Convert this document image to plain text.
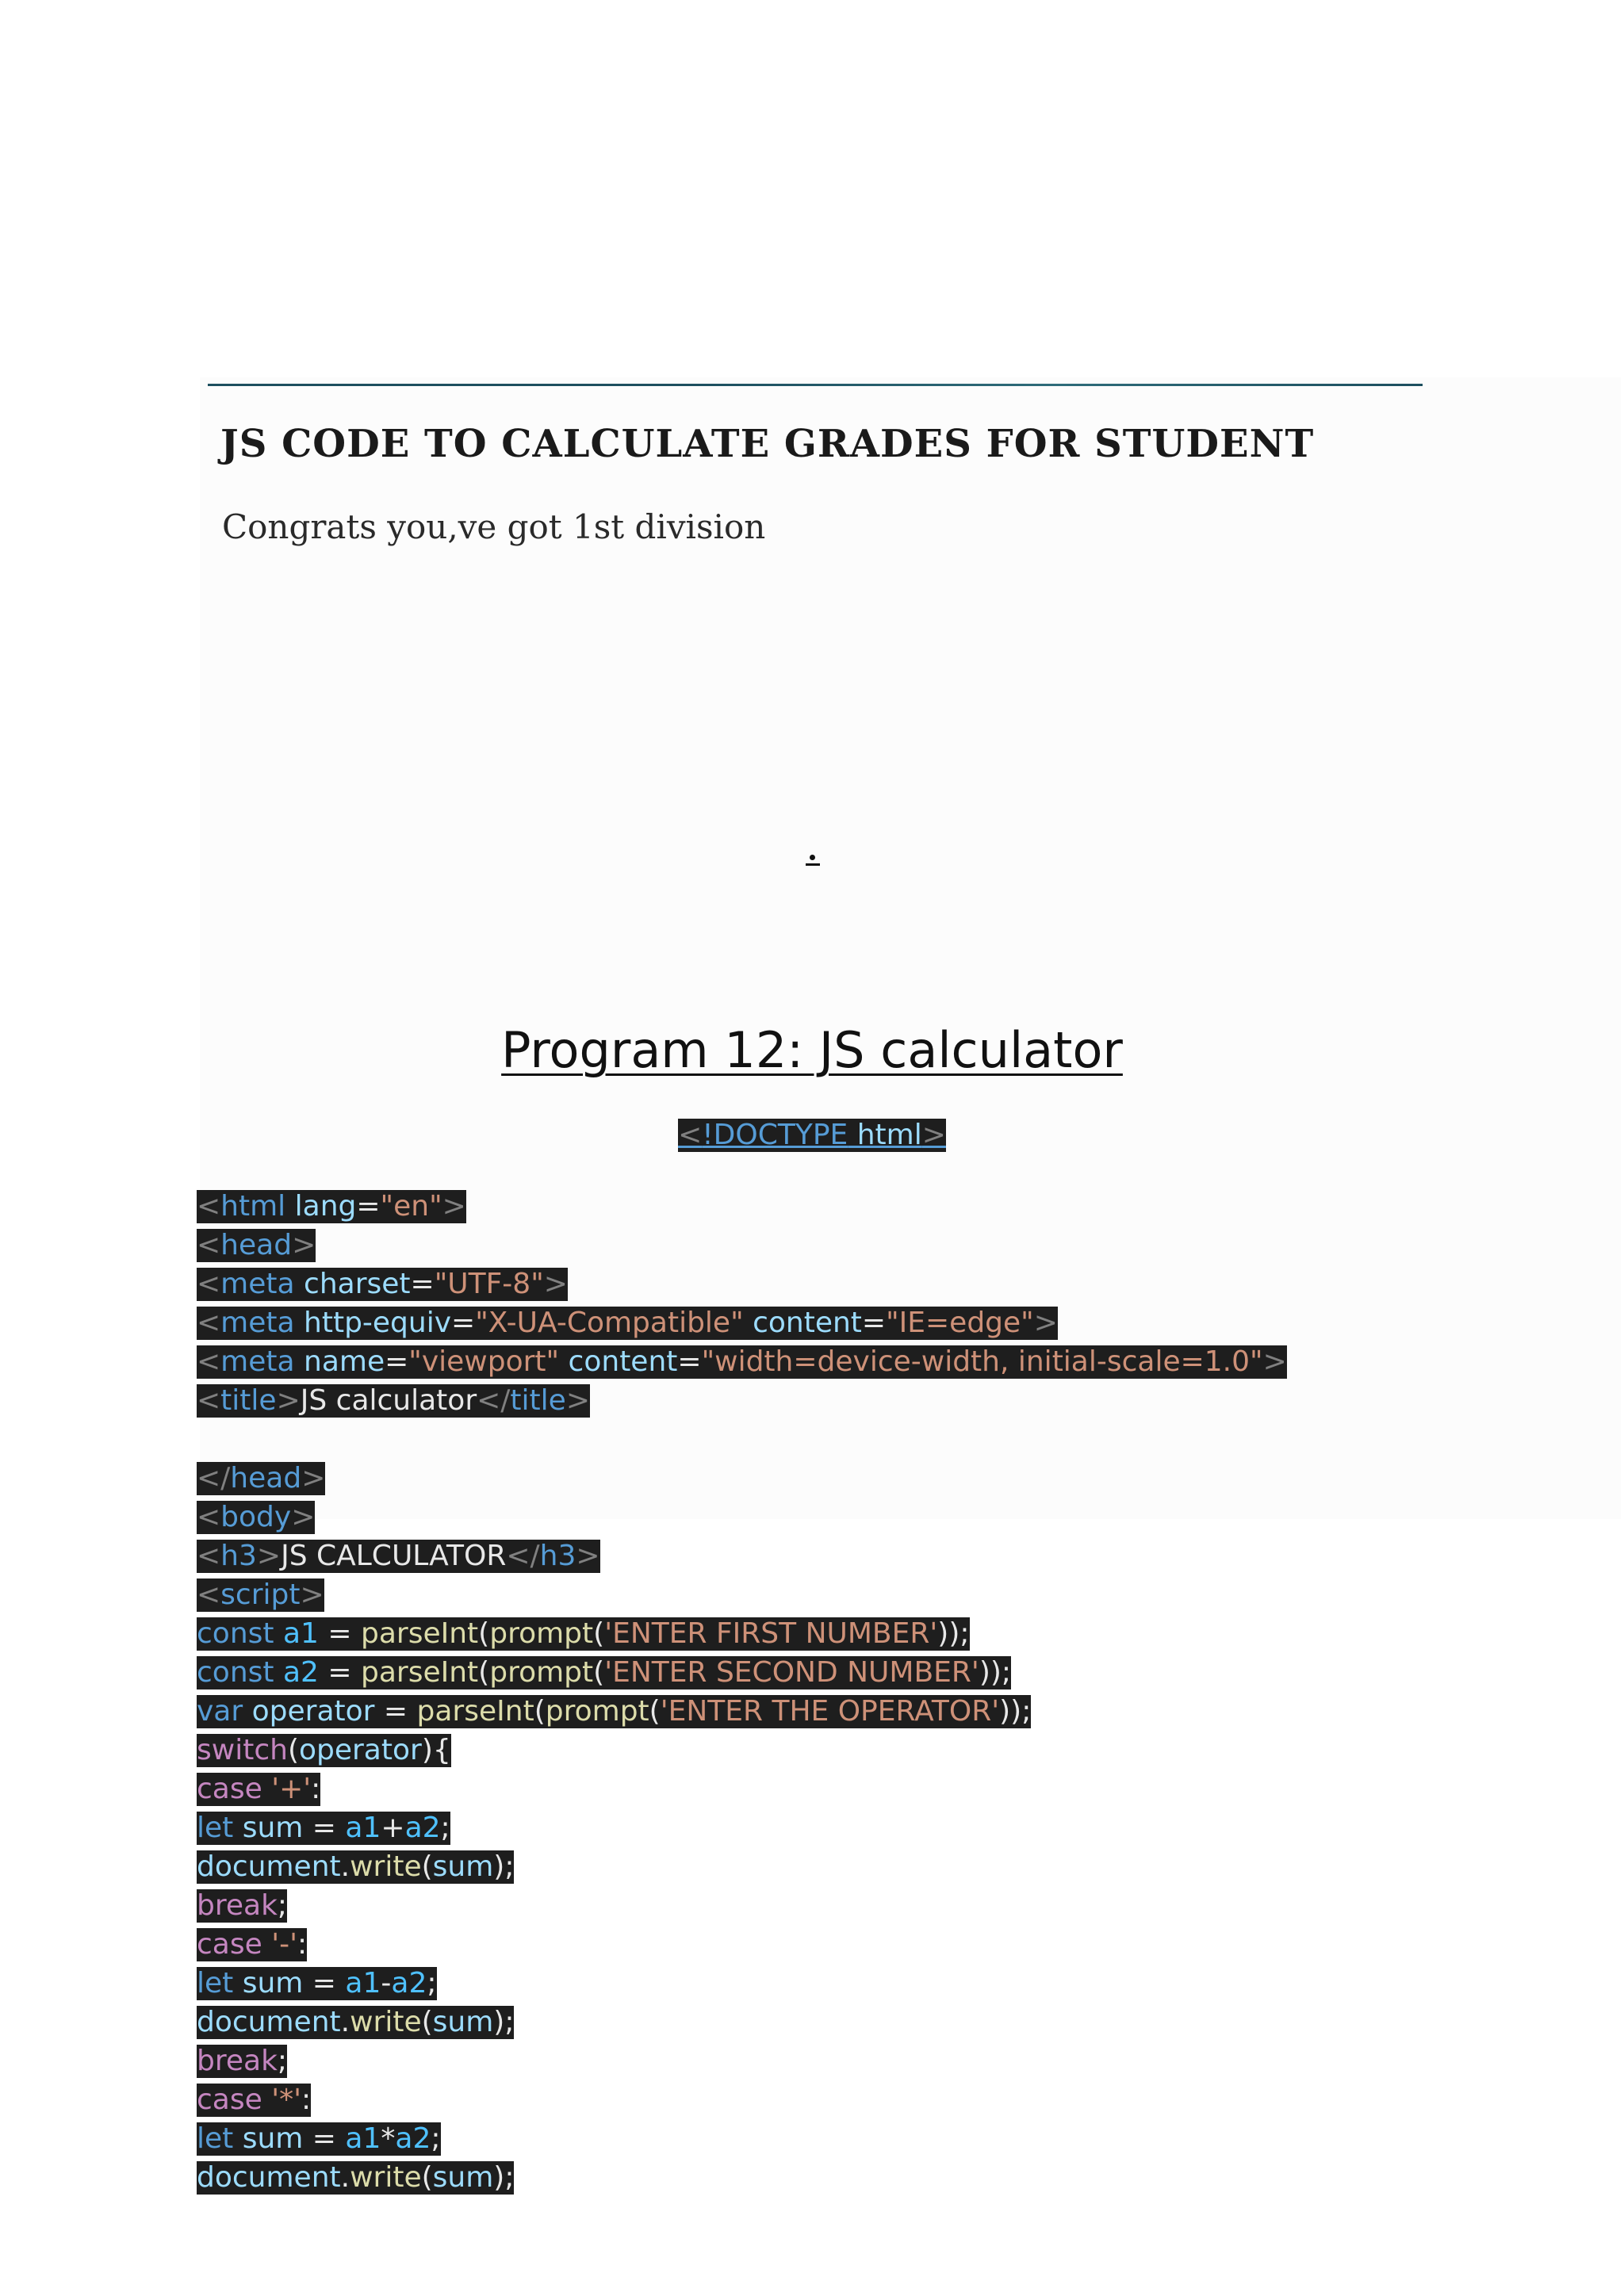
JS CODE TO CALCULATE GRADES FOR STUDENT
Congrats you,ve got 1st division
Program 12: JS calculator
<!DOCTYPE html>
<html lang="en">
<head>
<meta charset="UTF-8">
<meta http-equiv="X-UA-Compatible" content="IE=edge">
<meta name="viewport" content="width=device-width, initial-scale=1.0">
<title>JS calculator</title>
</head>
<body>
<h3>JS CALCULATOR</h3>
<script>
const a1 = parseInt(prompt('ENTER FIRST NUMBER'));
const a2 = parseInt(prompt('ENTER SECOND NUMBER'));
var operator = parseInt(prompt('ENTER THE OPERATOR'));
switch(operator){
case '+':
let sum = a1+a2;
document.write(sum);
break;
case '-':
let sum = a1-a2;
document.write(sum);
break;
case '*':
let sum = a1*a2;
document.write(sum);
